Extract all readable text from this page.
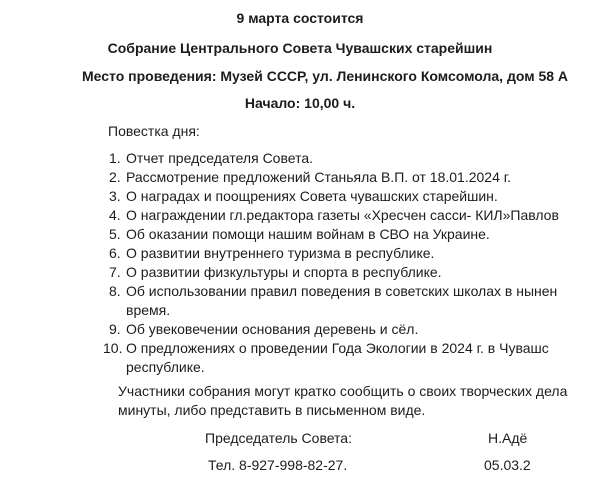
9 марта состоится
Собрание Центрального Совета Чувашских старейшин
Место проведения: Музей СССР, ул. Ленинского Комсомола, дом 58 А
Начало: 10,00 ч.
Повестка дня:
1. Отчет председателя Совета.
2. Рассмотрение предложений Станьяла В.П. от 18.01.2024 г.
3. О наградах и поощрениях Совета чувашских старейшин.
4. О награждении гл.редактора газеты «Хресчен сасси- КИЛ»Павлов
5. Об оказании помощи нашим войнам в СВО на Украине.
6. О развитии внутреннего туризма в республике.
7. О развитии физкультуры и спорта в республике.
8. Об использовании правил поведения в советских школах в нынен
время.
9. Об увековечении основания деревень и сёл.
10. О предложениях о проведении Года Экологии в 2024 г. в Чувашс
республике.
Участники собрания могут кратко сообщить о своих творческих дела
минуты, либо представить в письменном виде.
Председатель Совета:	Н.Адё
Тел. 8-927-998-82-27.	05.03.2
